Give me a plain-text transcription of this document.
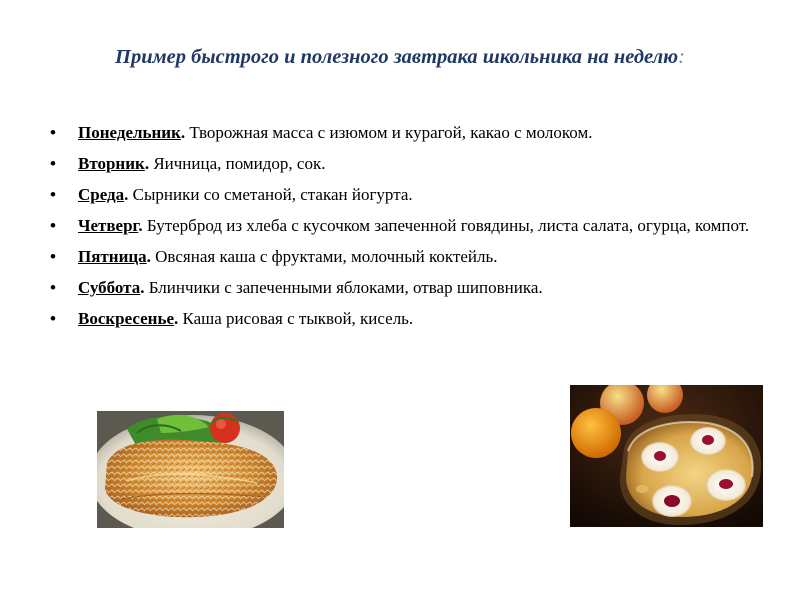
Пример быстрого и полезного завтрака школьника на неделю:
• Понедельник. Творожная масса с изюмом и курагой, какао с молоком.
• Вторник. Яичница, помидор, сок.
• Среда. Сырники со сметаной, стакан йогурта.
• Четверг. Бутерброд из хлеба с кусочком запеченной говядины, листа салата, огурца, компот.
• Пятница. Овсяная каша с фруктами, молочный коктейль.
• Суббота. Блинчики с запеченными яблоками, отвар шиповника.
• Воскресенье. Каша рисовая с тыквой, кисель.
